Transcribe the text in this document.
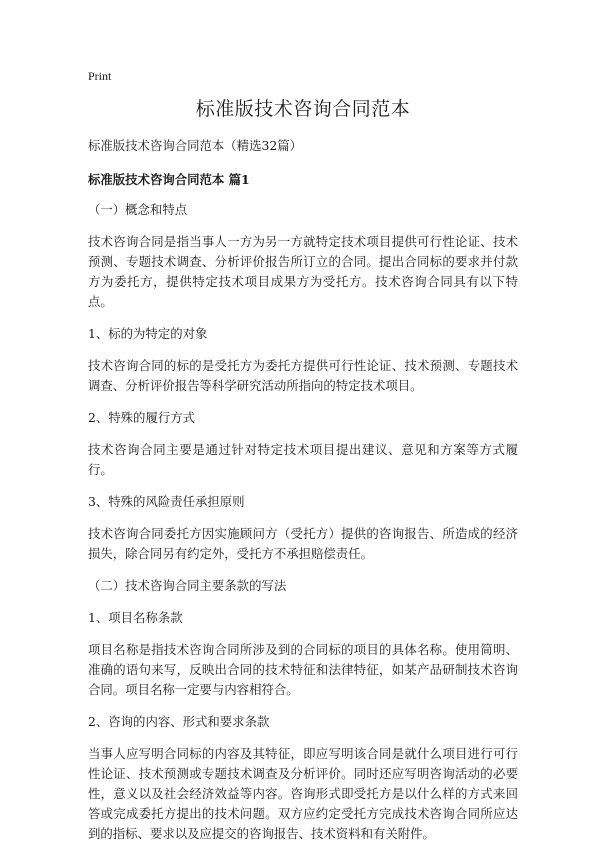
Print
标准版技术咨询合同范本

标准版技术咨询合同范本（精选32篇）

标准版技术咨询合同范本 篇1

（一）概念和特点

技术咨询合同是指当事人一方为另一方就特定技术项目提供可行性论证、技术预测、专题技术调查、分析评价报告所订立的合同。提出合同标的要求并付款方为委托方，提供特定技术项目成果方为受托方。技术咨询合同具有以下特点。

1、标的为特定的对象

技术咨询合同的标的是受托方为委托方提供可行性论证、技术预测、专题技术调查、分析评价报告等科学研究活动所指向的特定技术项目。

2、特殊的履行方式

技术咨询合同主要是通过针对特定技术项目提出建议、意见和方案等方式履行。

3、特殊的风险责任承担原则

技术咨询合同委托方因实施顾问方（受托方）提供的咨询报告、所造成的经济损失，除合同另有约定外，受托方不承担赔偿责任。

（二）技术咨询合同主要条款的写法

1、项目名称条款

项目名称是指技术咨询合同所涉及到的合同标的项目的具体名称。使用简明、准确的语句来写，反映出合同的技术特征和法律特征，如某产品研制技术咨询合同。项目名称一定要与内容相符合。

2、咨询的内容、形式和要求条款

当事人应写明合同标的内容及其特征，即应写明该合同是就什么项目进行可行性论证、技术预测或专题技术调查及分析评价。同时还应写明咨询活动的必要性，意义以及社会经济效益等内容。咨询形式即受托方是以什么样的方式来回答或完成委托方提出的技术问题。双方应约定受托方完成技术咨询合同所应达到的指标、要求以及应提交的咨询报告、技术资料和有关附件。
